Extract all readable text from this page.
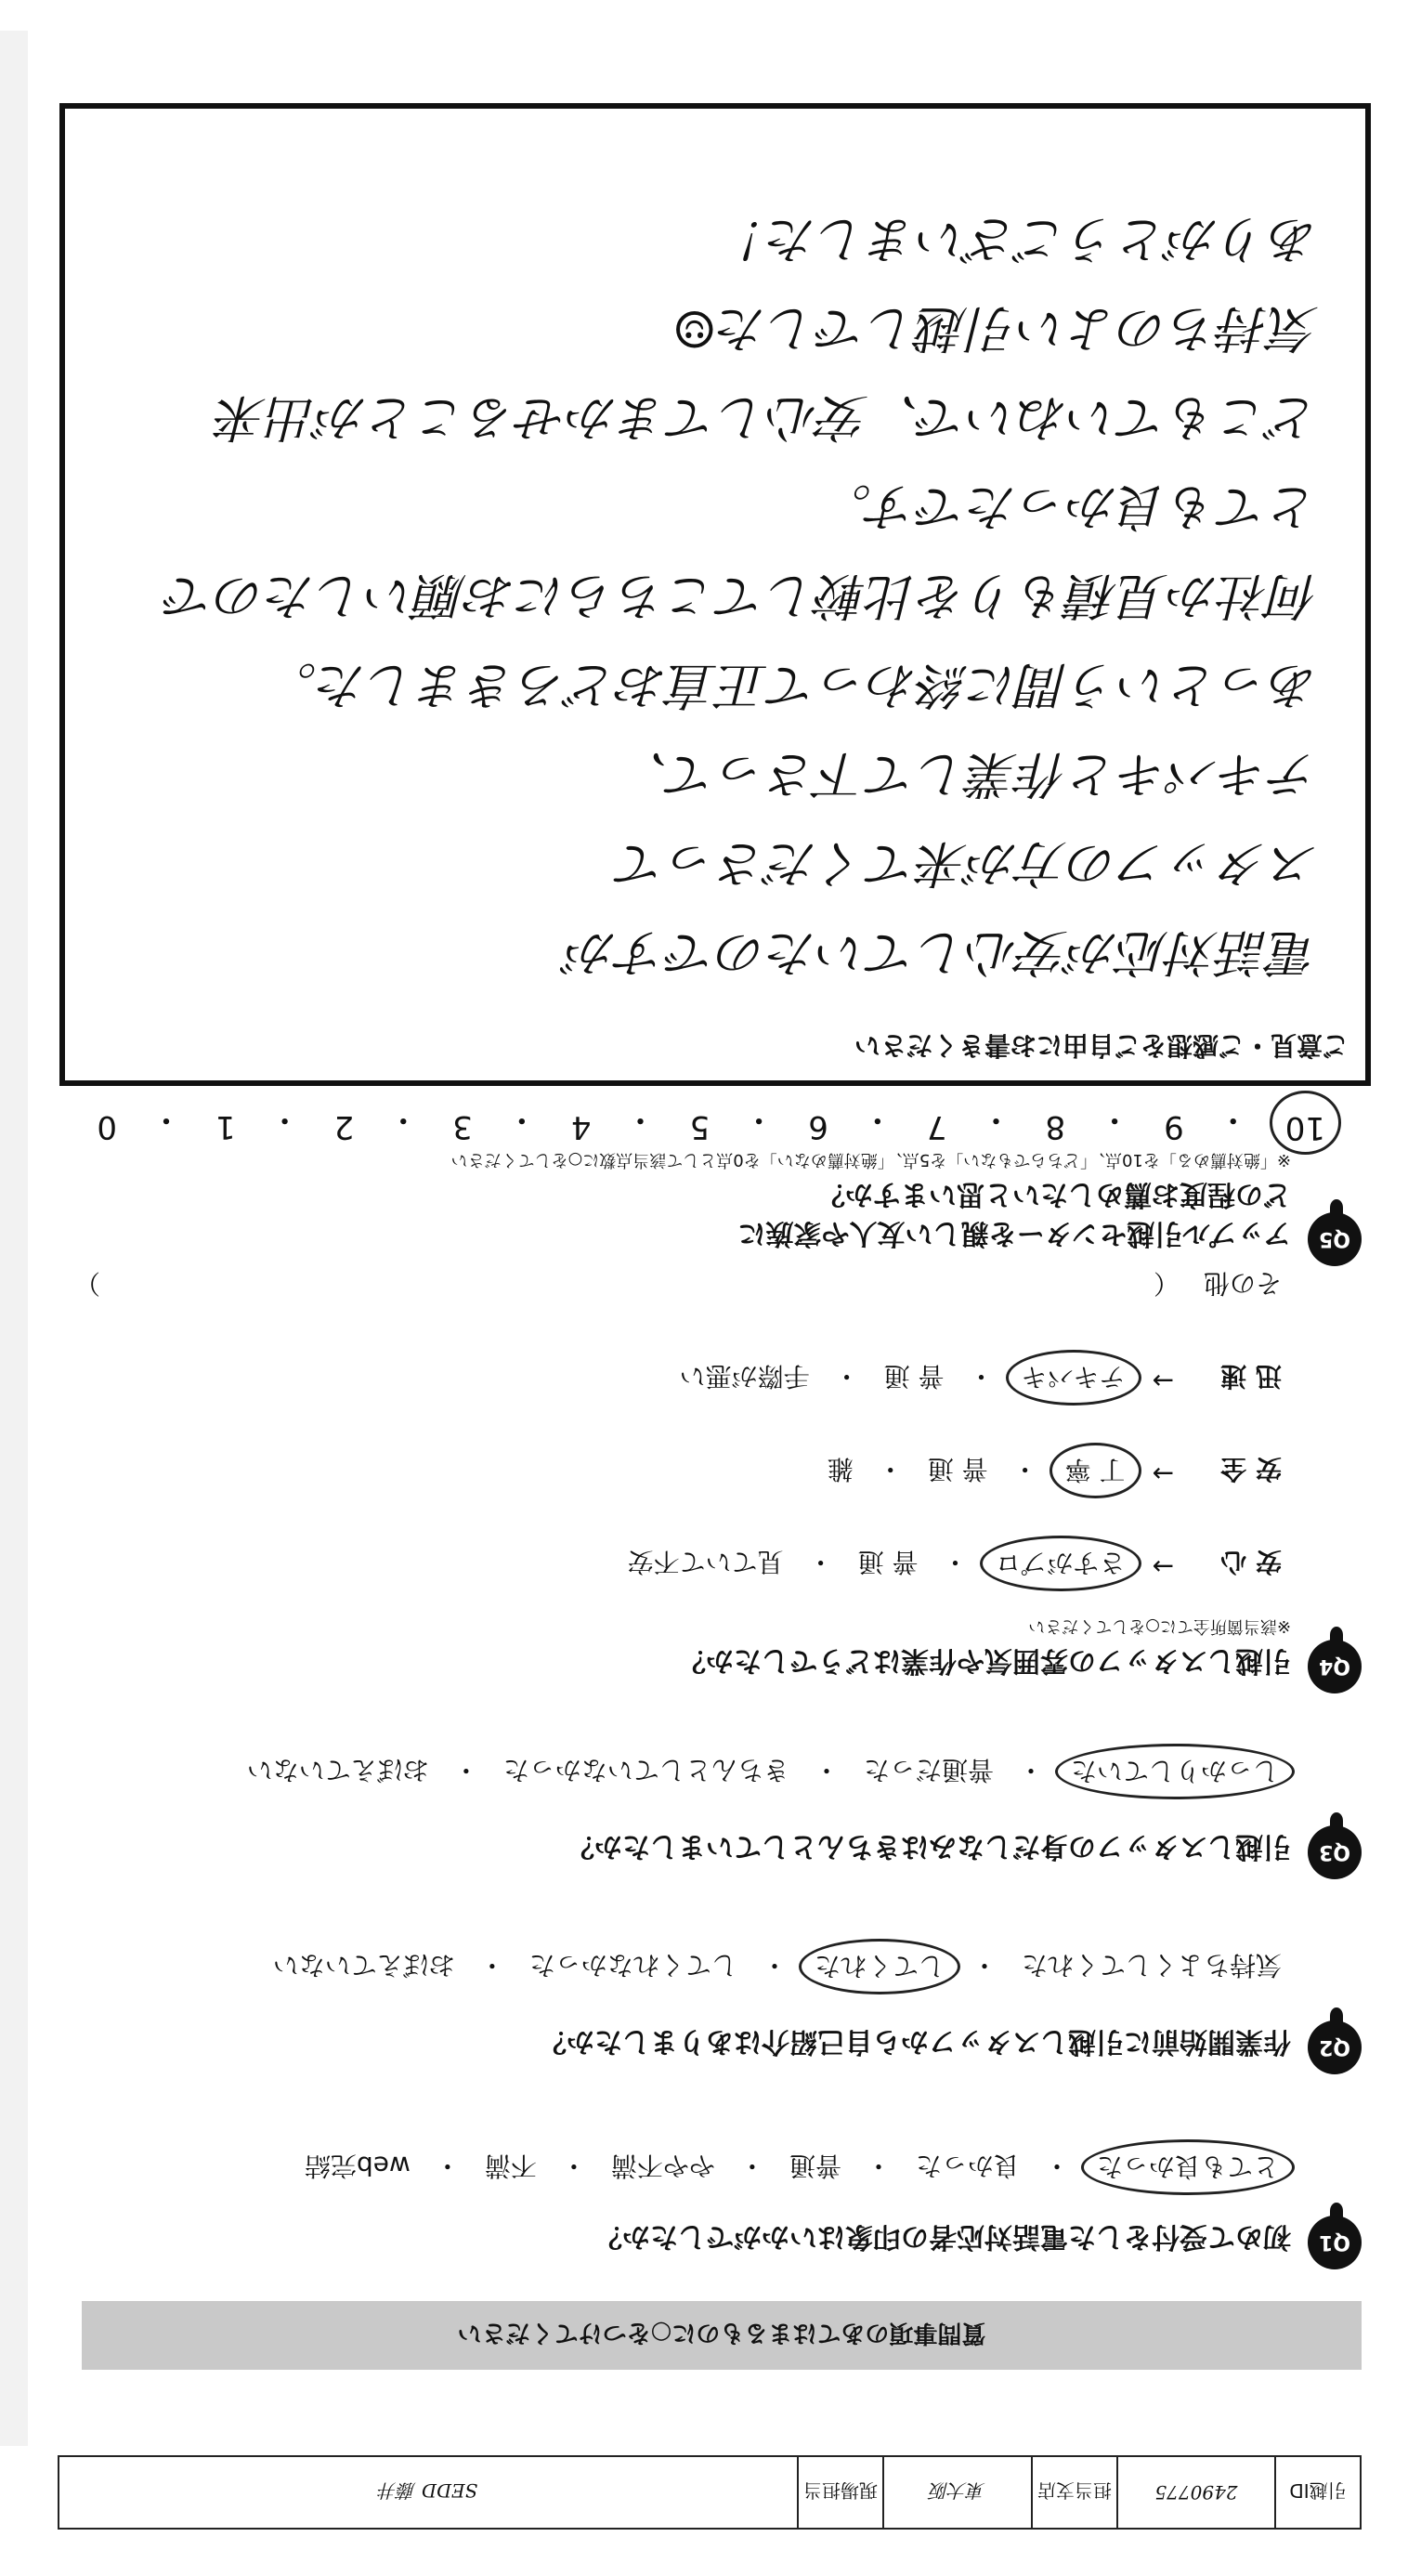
引越ID
2490775
担当支店
東大阪
現場担当
SEDD 藤井
質問事項のあてはまるものに○をつけてください
Q1
初めて受付をした電話対応者の印象はいかがでしたか？
とても良かった
・
良かった
・
普通
・
やや不満
・
不満
・
web完結
Q2
作業開始前に引越しスタッフから自己紹介はありましたか？
気持ちよくしてくれた
・
してくれた
・
してくれなかった
・
おぼえていない
Q3
引越しスタッフの身だしなみはきちんとしていましたか？
しっかりしていた
・
普通だった
・
きちんとしていなかった
・
おぼえていない
Q4
引越しスタッフの雰囲気や作業はどうでしたか？
※該当箇所全てに○をしてください
安 心
→
さすがプロ
・
普 通
・
見ていて不安
安 全
→
丁 寧
・
普 通
・
雑
迅 速
→
テキパキ
・
普 通
・
手際が悪い
その他
（
）
Q5
アップル引越センターを親しい友人や家族に
どの程度お薦めしたいと思いますか？
※「絶対薦める」を10点、「どちらでもない」を5点、「絶対薦めない」を0点として該当点数に○をしてください
10
・
9
・
8
・
7
・
6
・
5
・
4
・
3
・
2
・
1
・
0
ご意見・ご感想をご自由にお書きください
電話対応が安心していたのですが
スタッフの方が来てくださって
テキパキと作業して下さって、
あっという間に終わって正直おどろきました。
何社か見積もりを比較してこちらにお願いしたので
とても良かったです。
どこもていねいで、安心してまかせることが出来
気持ちのよい引越しでした☺
ありがとうございました！
